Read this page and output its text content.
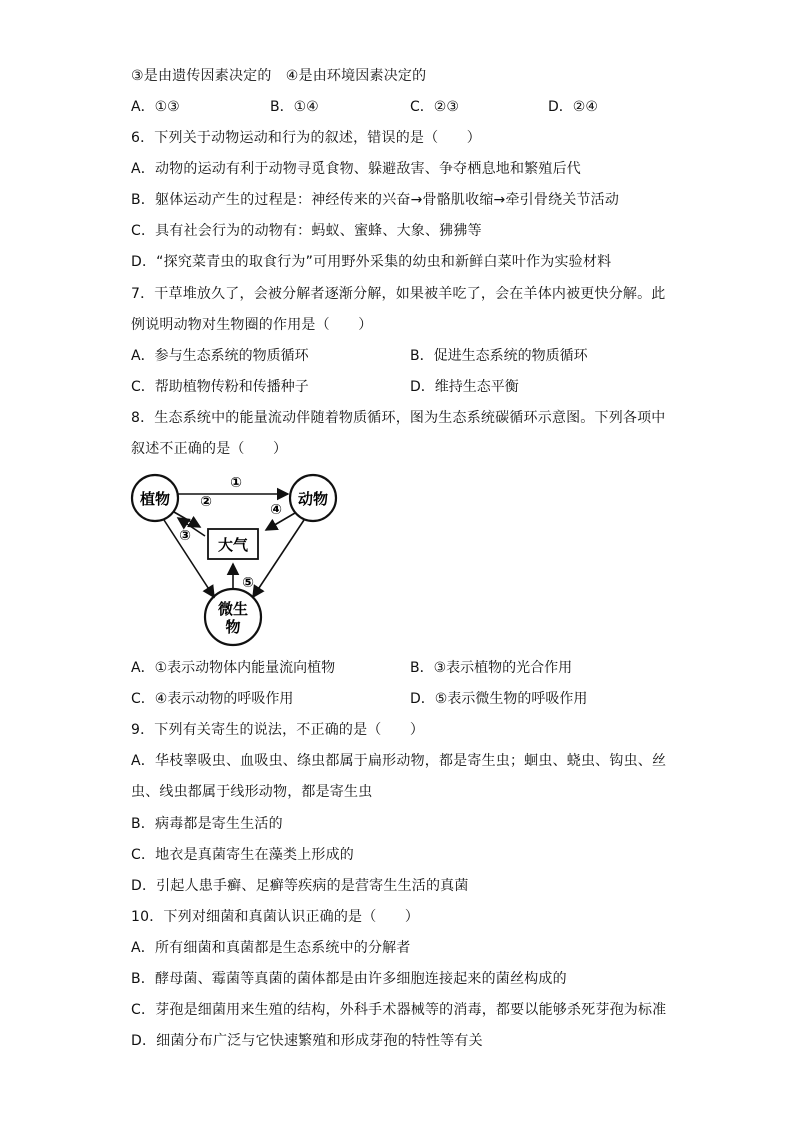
③是由遗传因素决定的　④是由环境因素决定的
A．①③	B．①④	C．②③	D．②④
6．下列关于动物运动和行为的叙述，错误的是（　　）
A．动物的运动有利于动物寻觅食物、躲避敌害、争夺栖息地和繁殖后代
B．躯体运动产生的过程是：神经传来的兴奋→骨骼肌收缩→牵引骨绕关节活动
C．具有社会行为的动物有：蚂蚁、蜜蜂、大象、狒狒等
D．“探究菜青虫的取食行为”可用野外采集的幼虫和新鲜白菜叶作为实验材料
7．干草堆放久了，会被分解者逐渐分解，如果被羊吃了，会在羊体内被更快分解。此
例说明动物对生物圈的作用是（　　）
A．参与生态系统的物质循环	B．促进生态系统的物质循环
C．帮助植物传粉和传播种子	D．维持生态平衡
8．生态系统中的能量流动伴随着物质循环，图为生态系统碳循环示意图。下列各项中
叙述不正确的是（　　）
植物	动物
大气
微生
物
①
②
③
④
⑤
A．①表示动物体内能量流向植物	B．③表示植物的光合作用
C．④表示动物的呼吸作用	D．⑤表示微生物的呼吸作用
9．下列有关寄生的说法，不正确的是（　　）
A．华枝睾吸虫、血吸虫、绦虫都属于扁形动物，都是寄生虫；蛔虫、蛲虫、钩虫、丝
虫、线虫都属于线形动物，都是寄生虫
B．病毒都是寄生生活的
C．地衣是真菌寄生在藻类上形成的
D．引起人患手癣、足癣等疾病的是营寄生生活的真菌
10．下列对细菌和真菌认识正确的是（　　）
A．所有细菌和真菌都是生态系统中的分解者
B．酵母菌、霉菌等真菌的菌体都是由许多细胞连接起来的菌丝构成的
C．芽孢是细菌用来生殖的结构，外科手术器械等的消毒，都要以能够杀死芽孢为标准
D．细菌分布广泛与它快速繁殖和形成芽孢的特性等有关
